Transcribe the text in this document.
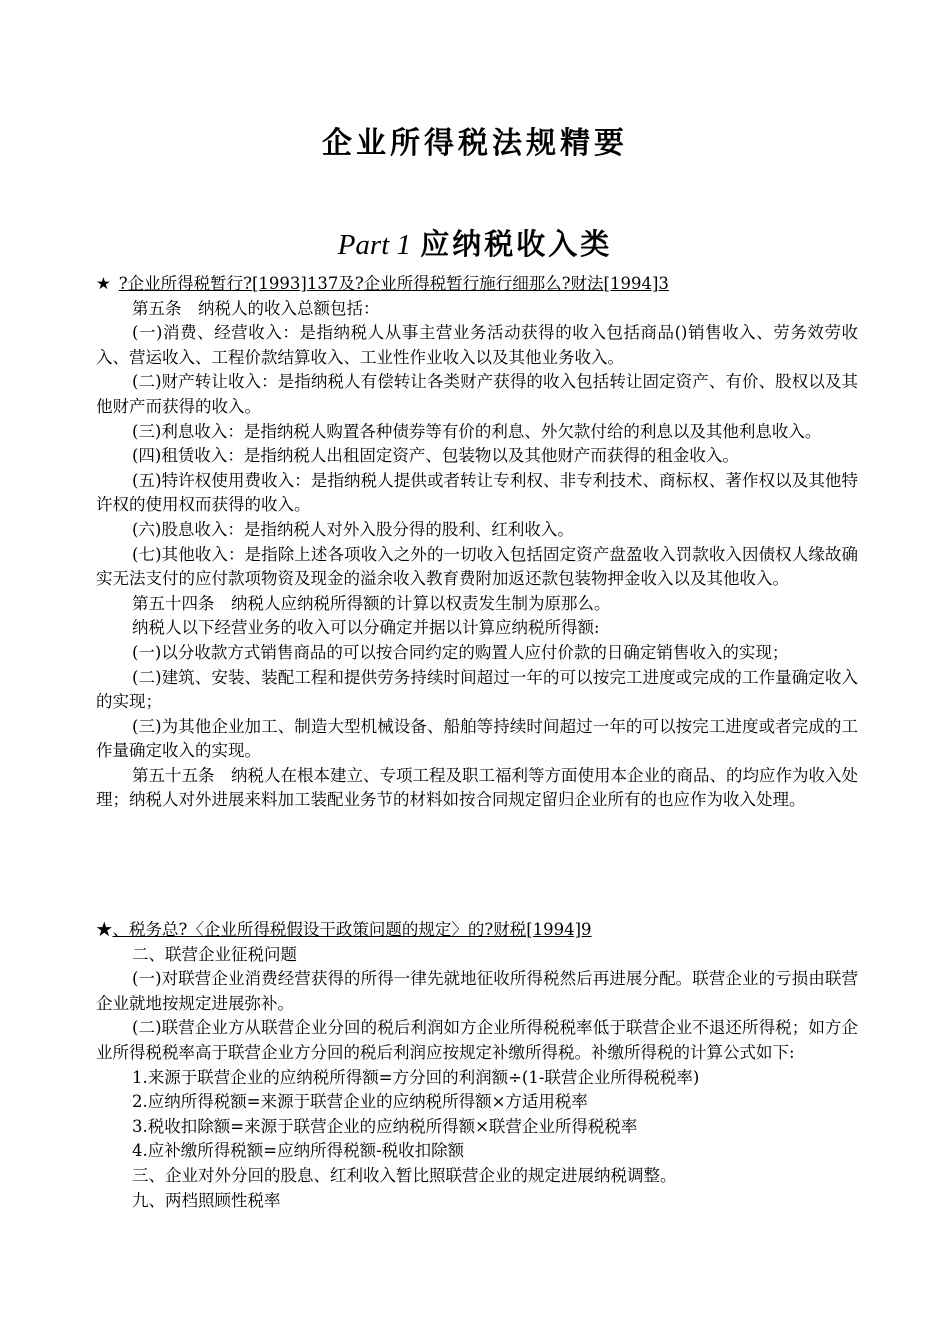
企业所得税法规精要
Part 1 应纳税收入类
★ ?企业所得税暂行?[1993]137及?企业所得税暂行施行细那么?财法[1994]3

第五条　纳税人的收入总额包括：

(一)消费、经营收入：是指纳税人从事主营业务活动获得的收入包括商品()销售收入、劳务效劳收入、营运收入、工程价款结算收入、工业性作业收入以及其他业务收入。

(二)财产转让收入：是指纳税人有偿转让各类财产获得的收入包括转让固定资产、有价、股权以及其他财产而获得的收入。

(三)利息收入：是指纳税人购置各种债券等有价的利息、外欠款付给的利息以及其他利息收入。

(四)租赁收入：是指纳税人出租固定资产、包装物以及其他财产而获得的租金收入。

(五)特许权使用费收入：是指纳税人提供或者转让专利权、非专利技术、商标权、著作权以及其他特许权的使用权而获得的收入。

(六)股息收入：是指纳税人对外入股分得的股利、红利收入。

(七)其他收入：是指除上述各项收入之外的一切收入包括固定资产盘盈收入罚款收入因债权人缘故确实无法支付的应付款项物资及现金的溢余收入教育费附加返还款包装物押金收入以及其他收入。

第五十四条　纳税人应纳税所得额的计算以权责发生制为原那么。

纳税人以下经营业务的收入可以分确定并据以计算应纳税所得额:

(一)以分收款方式销售商品的可以按合同约定的购置人应付价款的日确定销售收入的实现；

(二)建筑、安装、装配工程和提供劳务持续时间超过一年的可以按完工进度或完成的工作量确定收入的实现；

(三)为其他企业加工、制造大型机械设备、船舶等持续时间超过一年的可以按完工进度或者完成的工作量确定收入的实现。

第五十五条　纳税人在根本建立、专项工程及职工福利等方面使用本企业的商品、的均应作为收入处理；纳税人对外进展来料加工装配业务节的材料如按合同规定留归企业所有的也应作为收入处理。

★、税务总?〈企业所得税假设干政策问题的规定〉的?财税[1994]9

二、联营企业征税问题

(一)对联营企业消费经营获得的所得一律先就地征收所得税然后再进展分配。联营企业的亏损由联营企业就地按规定进展弥补。

(二)联营企业方从联营企业分回的税后利润如方企业所得税税率低于联营企业不退还所得税；如方企业所得税税率高于联营企业方分回的税后利润应按规定补缴所得税。补缴所得税的计算公式如下:

1.来源于联营企业的应纳税所得额=方分回的利润额÷(1-联营企业所得税税率)

2.应纳所得税额=来源于联营企业的应纳税所得额×方适用税率

3.税收扣除额=来源于联营企业的应纳税所得额×联营企业所得税税率

4.应补缴所得税额=应纳所得税额-税收扣除额

三、企业对外分回的股息、红利收入暂比照联营企业的规定进展纳税调整。

九、两档照顾性税率
